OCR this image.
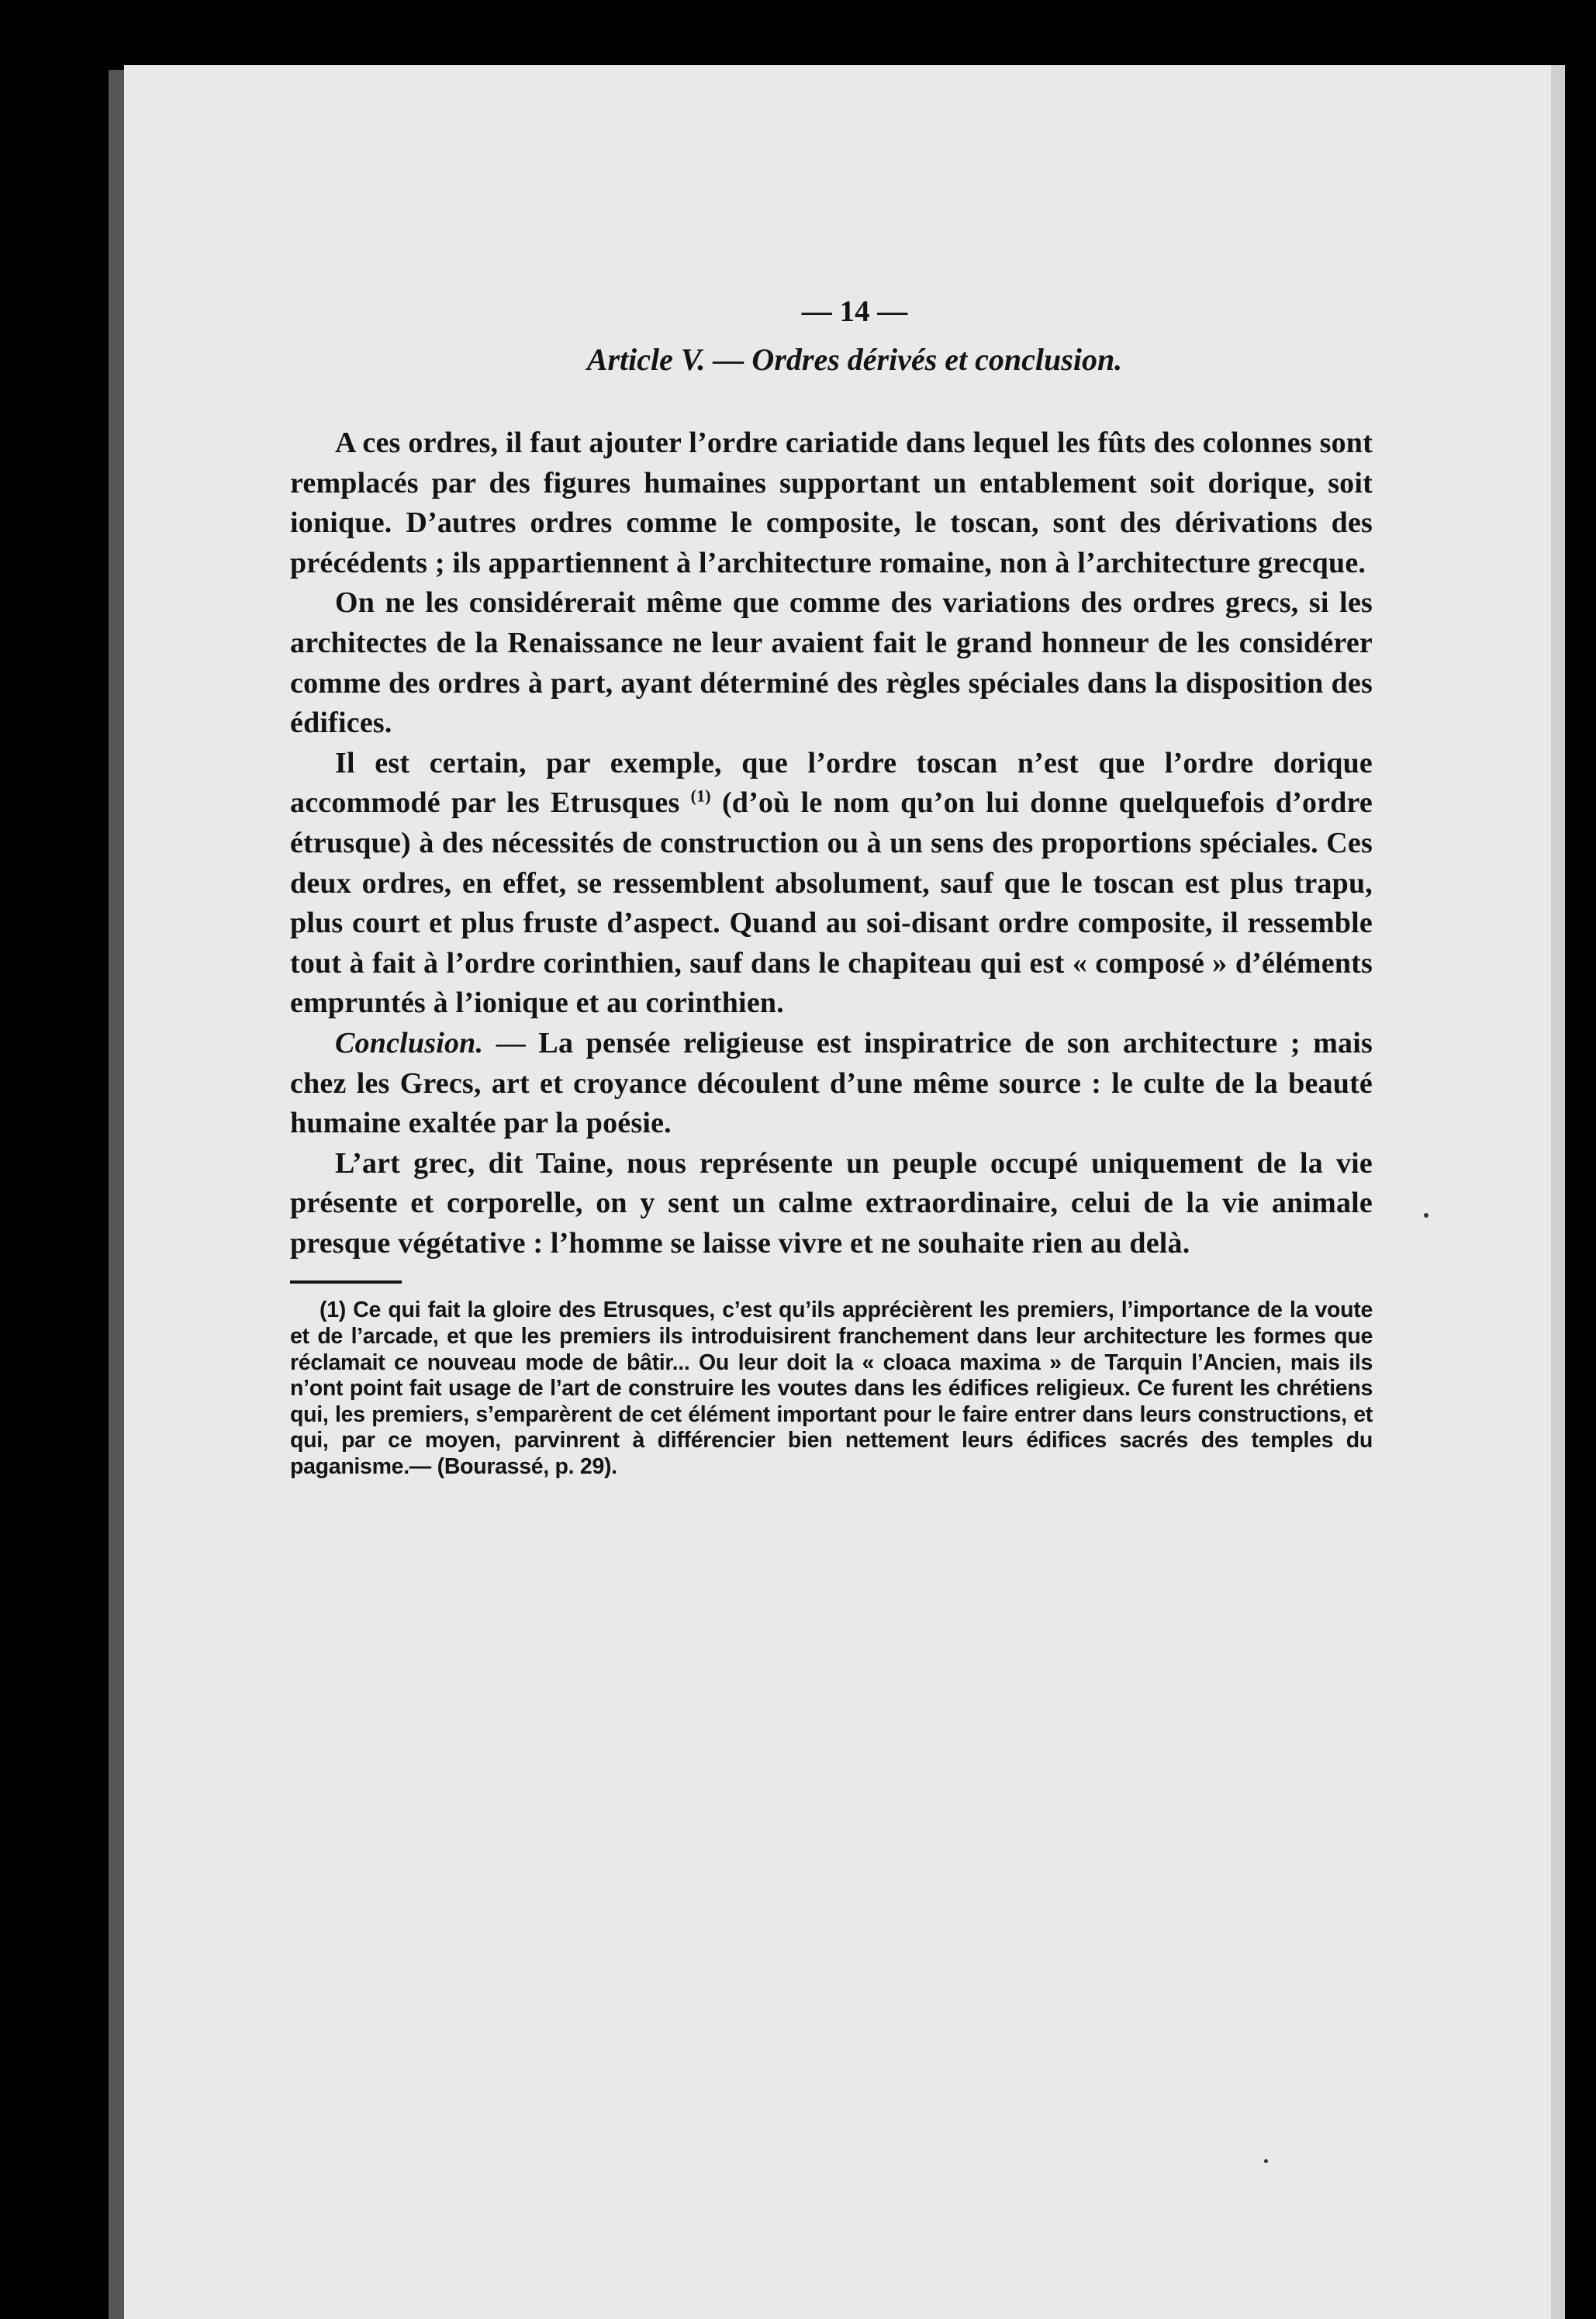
— 14 —
Article V. — Ordres dérivés et conclusion.

A ces ordres, il faut ajouter l’ordre cariatide dans lequel les fûts des colonnes sont remplacés par des figures humaines supportant un entablement soit dorique, soit ionique. D’autres ordres comme le composite, le toscan, sont des dérivations des précédents ; ils appartiennent à l’architecture romaine, non à l’architecture grecque.

On ne les considérerait même que comme des variations des ordres grecs, si les architectes de la Renaissance ne leur avaient fait le grand honneur de les considérer comme des ordres à part, ayant déterminé des règles spéciales dans la disposition des édifices.

Il est certain, par exemple, que l’ordre toscan n’est que l’ordre dorique accommodé par les Etrusques $^{(1)}$ (d’où le nom qu’on lui donne quelquefois d’ordre étrusque) à des nécessités de construction ou à un sens des proportions spéciales. Ces deux ordres, en effet, se ressemblent absolument, sauf que le toscan est plus trapu, plus court et plus fruste d’aspect. Quand au soi-disant ordre composite, il ressemble tout à fait à l’ordre corinthien, sauf dans le chapiteau qui est « composé » d’éléments empruntés à l’ionique et au corinthien.

Conclusion. — La pensée religieuse est inspiratrice de son architecture ; mais chez les Grecs, art et croyance découlent d’une même source : le culte de la beauté humaine exaltée par la poésie.

L’art grec, dit Taine, nous représente un peuple occupé uniquement de la vie présente et corporelle, on y sent un calme extraordinaire, celui de la vie animale presque végétative : l’homme se laisse vivre et ne souhaite rien au delà.

(1) Ce qui fait la gloire des Etrusques, c’est qu’ils apprécièrent les premiers, l’importance de la voute et de l’arcade, et que les premiers ils introduisirent franchement dans leur architecture les formes que réclamait ce nouveau mode de bâtir... Ou leur doit la « cloaca maxima » de Tarquin l’Ancien, mais ils n’ont point fait usage de l’art de construire les voutes dans les édifices religieux. Ce furent les chrétiens qui, les premiers, s’emparèrent de cet élément important pour le faire entrer dans leurs constructions, et qui, par ce moyen, parvinrent à différencier bien nettement leurs édifices sacrés des temples du paganisme.— (Bourassé, p. 29).
